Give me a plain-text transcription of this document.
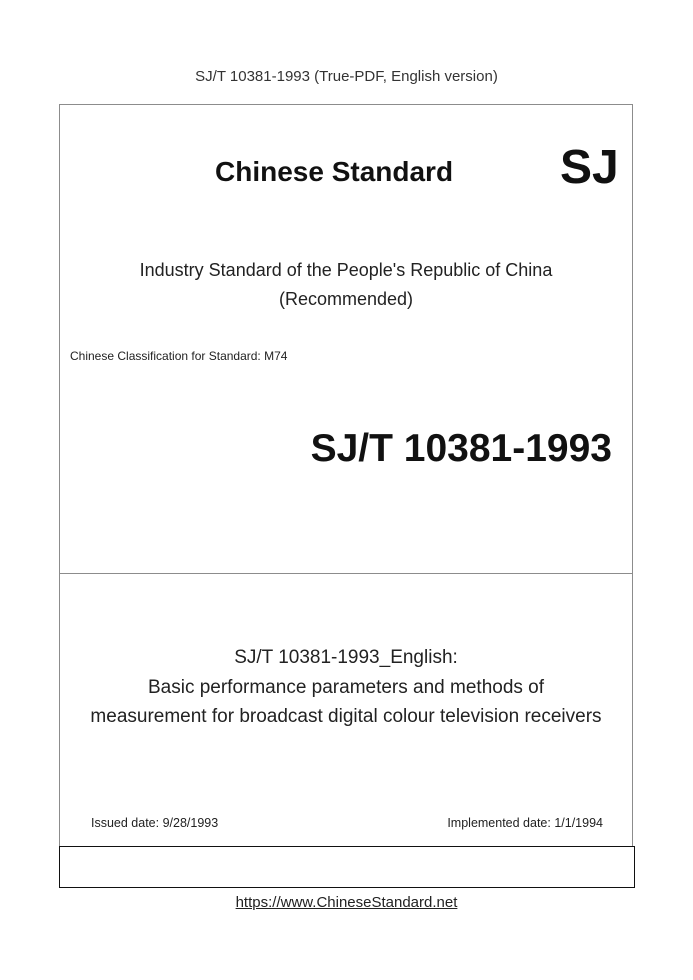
SJ/T 10381-1993 (True-PDF, English version)
Chinese Standard SJ
Industry Standard of the People's Republic of China
(Recommended)
Chinese Classification for Standard: M74
SJ/T 10381-1993
SJ/T 10381-1993_English:
Basic performance parameters and methods of
measurement for broadcast digital colour television receivers
Issued date: 9/28/1993	Implemented date: 1/1/1994
https://www.ChineseStandard.net
